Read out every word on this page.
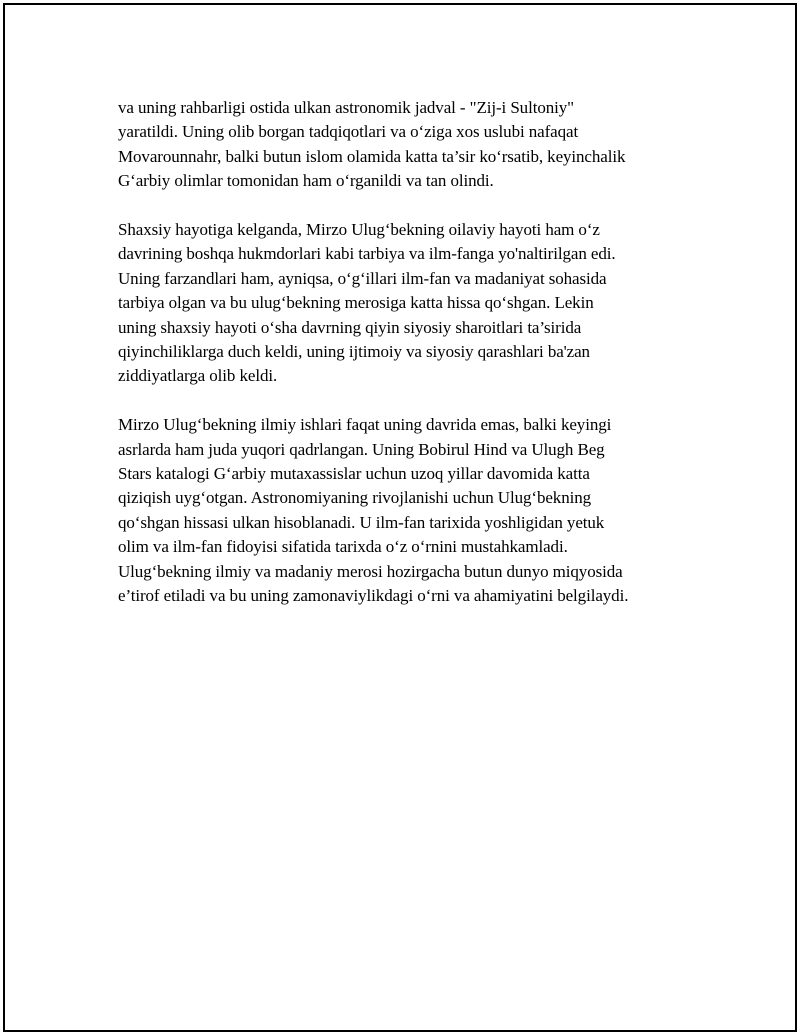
va uning rahbarligi ostida ulkan astronomik jadval - "Zij-i Sultoniy"
yaratildi. Uning olib borgan tadqiqotlari va o‘ziga xos uslubi nafaqat
Movarounnahr, balki butun islom olamida katta ta’sir ko‘rsatib, keyinchalik
G‘arbiy olimlar tomonidan ham o‘rganildi va tan olindi.

Shaxsiy hayotiga kelganda, Mirzo Ulug‘bekning oilaviy hayoti ham o‘z
davrining boshqa hukmdorlari kabi tarbiya va ilm-fanga yo'naltirilgan edi.
Uning farzandlari ham, ayniqsa, o‘g‘illari ilm-fan va madaniyat sohasida
tarbiya olgan va bu ulug‘bekning merosiga katta hissa qo‘shgan. Lekin
uning shaxsiy hayoti o‘sha davrning qiyin siyosiy sharoitlari ta’sirida
qiyinchiliklarga duch keldi, uning ijtimoiy va siyosiy qarashlari ba'zan
ziddiyatlarga olib keldi.

Mirzo Ulug‘bekning ilmiy ishlari faqat uning davrida emas, balki keyingi
asrlarda ham juda yuqori qadrlangan. Uning Bobirul Hind va Ulugh Beg
Stars katalogi G‘arbiy mutaxassislar uchun uzoq yillar davomida katta
qiziqish uyg‘otgan. Astronomiyaning rivojlanishi uchun Ulug‘bekning
qo‘shgan hissasi ulkan hisoblanadi. U ilm-fan tarixida yoshligidan yetuk
olim va ilm-fan fidoyisi sifatida tarixda o‘z o‘rnini mustahkamladi.
Ulug‘bekning ilmiy va madaniy merosi hozirgacha butun dunyo miqyosida
e’tirof etiladi va bu uning zamonaviylikdagi o‘rni va ahamiyatini belgilaydi.
